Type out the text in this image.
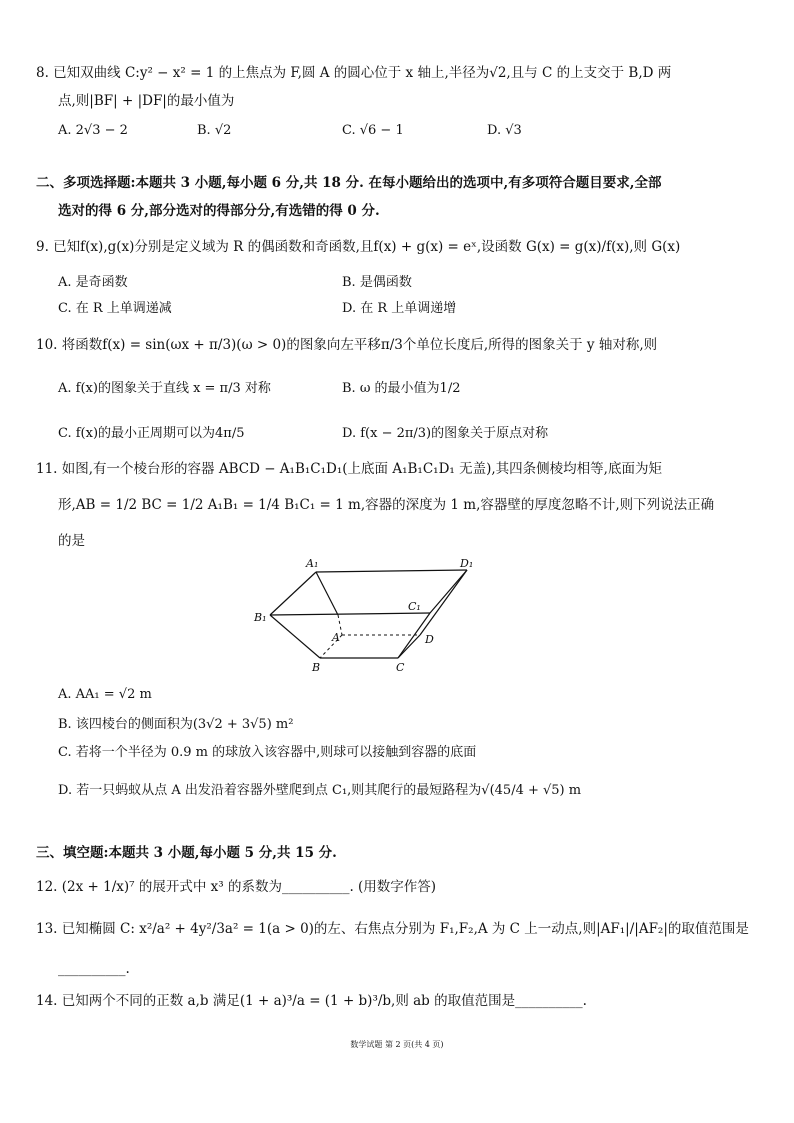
8. 已知双曲线 C:y² − x² = 1 的上焦点为 F,圆 A 的圆心位于 x 轴上,半径为√2,且与 C 的上支交于 B,D 两
点,则|BF| + |DF|的最小值为
A. 2√3 − 2	B. √2	C. √6 − 1	D. √3
二、多项选择题:本题共 3 小题,每小题 6 分,共 18 分. 在每小题给出的选项中,有多项符合题目要求,全部
选对的得 6 分,部分选对的得部分分,有选错的得 0 分.
9. 已知f(x),g(x)分别是定义域为 R 的偶函数和奇函数,且f(x) + g(x) = eˣ,设函数 G(x) = g(x)/f(x),则 G(x)
A. 是奇函数	B. 是偶函数
C. 在 R 上单调递减	D. 在 R 上单调递增
10. 将函数f(x) = sin(ωx + π/3)(ω > 0)的图象向左平移π/3个单位长度后,所得的图象关于 y 轴对称,则
A. f(x)的图象关于直线 x = π/3 对称	B. ω 的最小值为1/2
C. f(x)的最小正周期可以为4π/5	D. f(x − 2π/3)的图象关于原点对称
11. 如图,有一个棱台形的容器 ABCD − A₁B₁C₁D₁(上底面 A₁B₁C₁D₁ 无盖),其四条侧棱均相等,底面为矩
形,AB = 1/2 BC = 1/2 A₁B₁ = 1/4 B₁C₁ = 1 m,容器的深度为 1 m,容器壁的厚度忽略不计,则下列说法正确
的是
A₁	D₁
B₁
C₁
A	D
B	C
A. AA₁ = √2 m
B. 该四棱台的侧面积为(3√2 + 3√5) m²
C. 若将一个半径为 0.9 m 的球放入该容器中,则球可以接触到容器的底面
D. 若一只蚂蚁从点 A 出发沿着容器外壁爬到点 C₁,则其爬行的最短路程为√(45/4 + √5) m
三、填空题:本题共 3 小题,每小题 5 分,共 15 分.
12. (2x + 1/x)⁷ 的展开式中 x³ 的系数为__________. (用数字作答)
13. 已知椭圆 C: x²/a² + 4y²/3a² = 1(a > 0)的左、右焦点分别为 F₁,F₂,A 为 C 上一动点,则|AF₁|/|AF₂|的取值范围是
__________.
14. 已知两个不同的正数 a,b 满足(1 + a)³/a = (1 + b)³/b,则 ab 的取值范围是__________.
数学试题 第 2 页(共 4 页)
